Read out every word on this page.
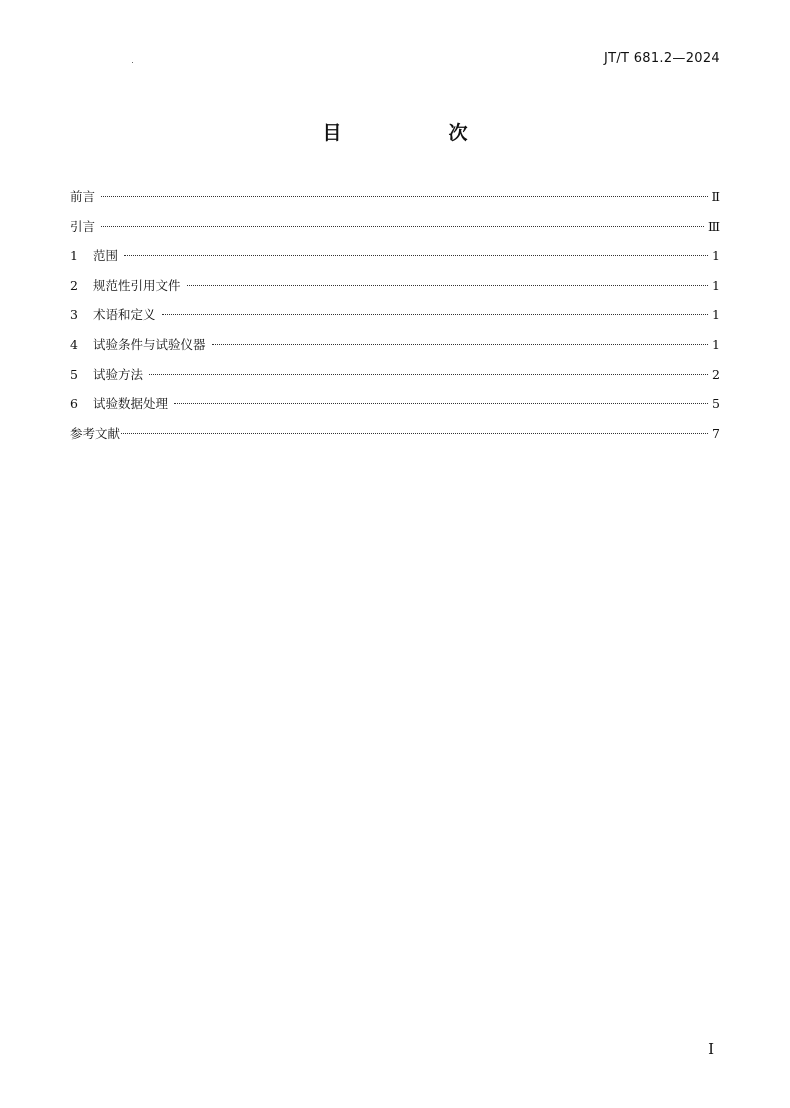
JT/T 681.2—2024
目　次
前言	Ⅱ
引言	Ⅲ
1	范围	1
2	规范性引用文件	1
3	术语和定义	1
4	试验条件与试验仪器	1
5	试验方法	2
6	试验数据处理	5
参考文献	7
I
